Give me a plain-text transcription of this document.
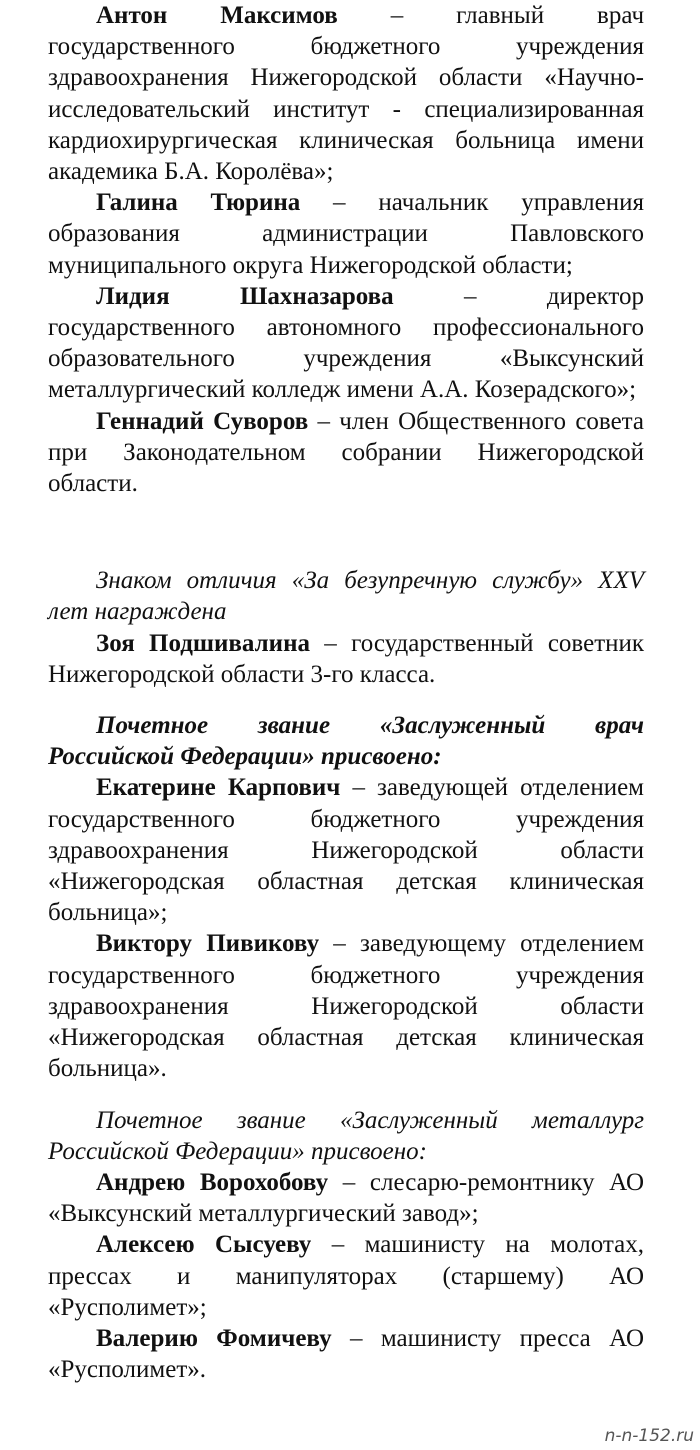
Антон Максимов – главный врач государственного бюджетного учреждения здравоохранения Нижегородской области «Научно-исследовательский институт - специализированная кардиохирургическая клиническая больница имени академика Б.А. Королёва»;

Галина Тюрина – начальник управления образования администрации Павловского муниципального округа Нижегородской области;

Лидия Шахназарова	–	директор государственного автономного профессионального образовательного учреждения «Выксунский металлургический колледж имени А.А. Козерадского»;

Геннадий Суворов – член Общественного совета при Законодательном собрании Нижегородской области.

Знаком отличия «За безупречную службу» XXV лет награждена

Зоя Подшивалина – государственный советник Нижегородской области 3-го класса.

Почетное звание «Заслуженный врач Российской Федерации» присвоено:

Екатерине Карпович – заведующей отделением государственного бюджетного учреждения здравоохранения Нижегородской области «Нижегородская областная детская клиническая больница»;

Виктору Пивикову – заведующему отделением государственного бюджетного учреждения здравоохранения Нижегородской области «Нижегородская областная детская клиническая больница».

Почетное звание «Заслуженный металлург Российской Федерации» присвоено:

Андрею Ворохобову – слесарю-ремонтнику АО «Выксунский металлургический завод»;

Алексею Сысуеву – машинисту на молотах, прессах и манипуляторах (старшему) АО «Русполимет»;

Валерию Фомичеву – машинисту пресса АО «Русполимет».

n-n-152.ru
